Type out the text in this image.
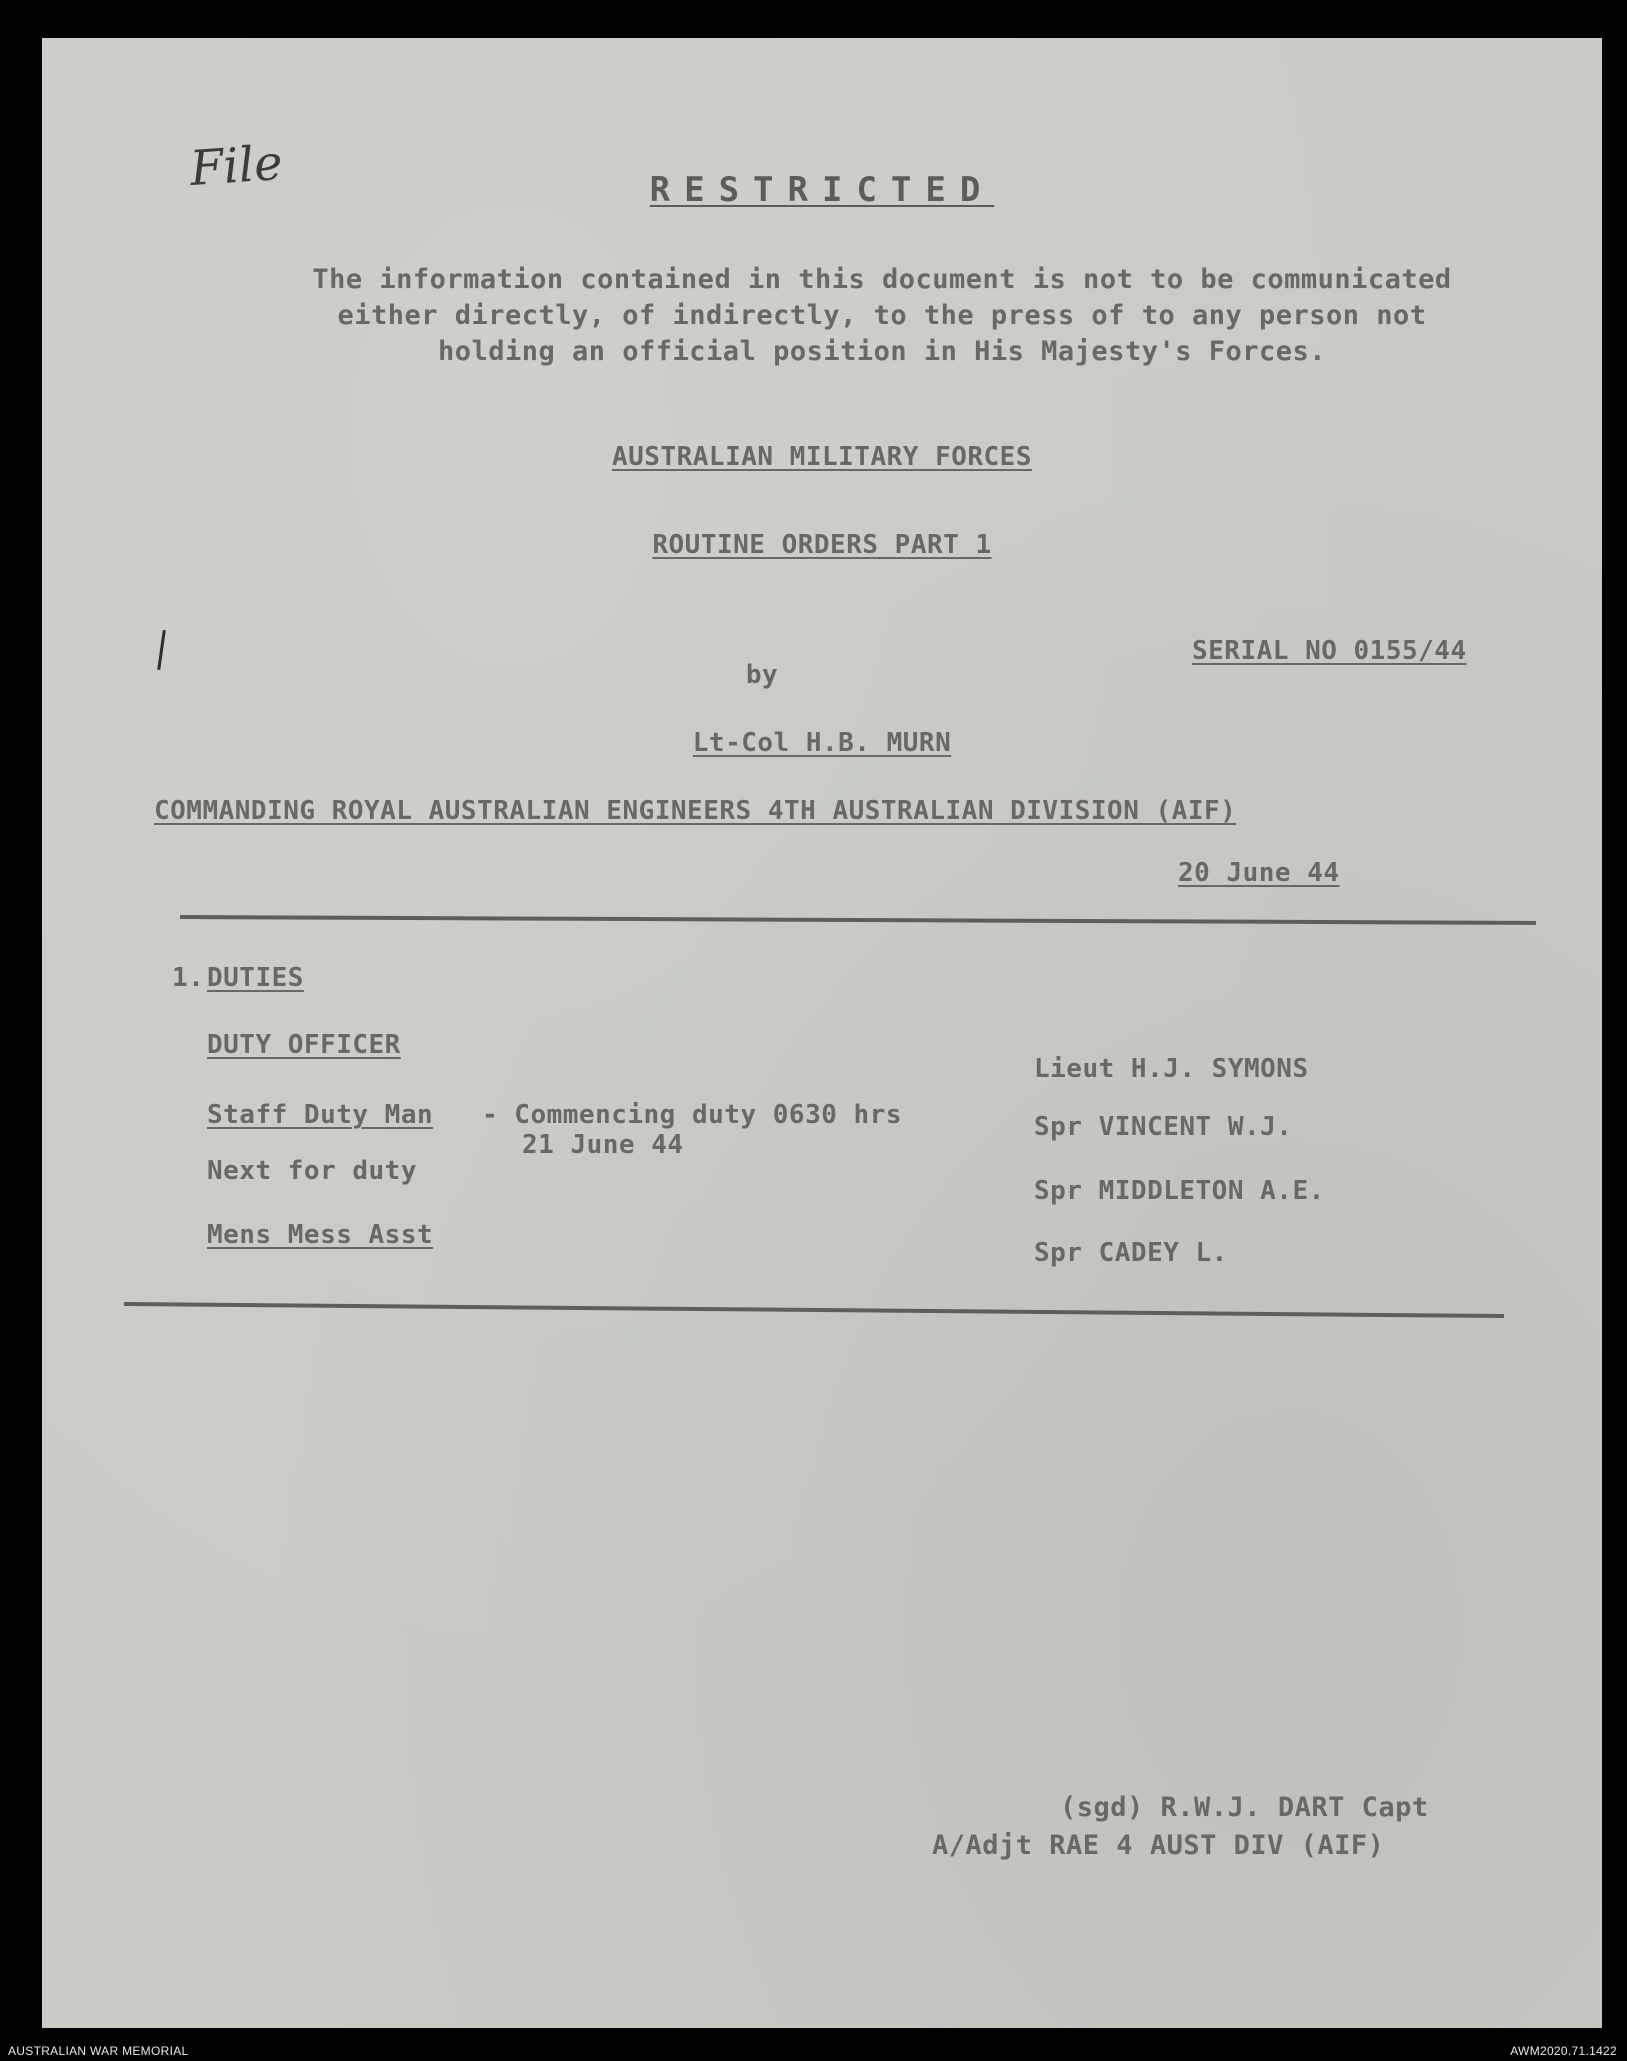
File	RESTRICTED
The information contained in this document is not to be communicated either directly, of indirectly, to the press of to any person not holding an official position in His Majesty's Forces.
AUSTRALIAN MILITARY FORCES
ROUTINE ORDERS PART 1
SERIAL NO 0155/44
by
Lt-Col H.B. MURN
COMMANDING ROYAL AUSTRALIAN ENGINEERS 4TH AUSTRALIAN DIVISION (AIF)
20 June 44
1. DUTIES
DUTY OFFICER
Lieut H.J. SYMONS
Staff Duty Man - Commencing duty 0630 hrs
21 June 44
Spr VINCENT W.J.
Next for duty
Spr MIDDLETON A.E.
Mens Mess Asst
Spr CADEY L.
(sgd) R.W.J. DART Capt
A/Adjt RAE 4 AUST DIV (AIF)
AUSTRALIAN WAR MEMORIAL	AWM2020.71.1422
